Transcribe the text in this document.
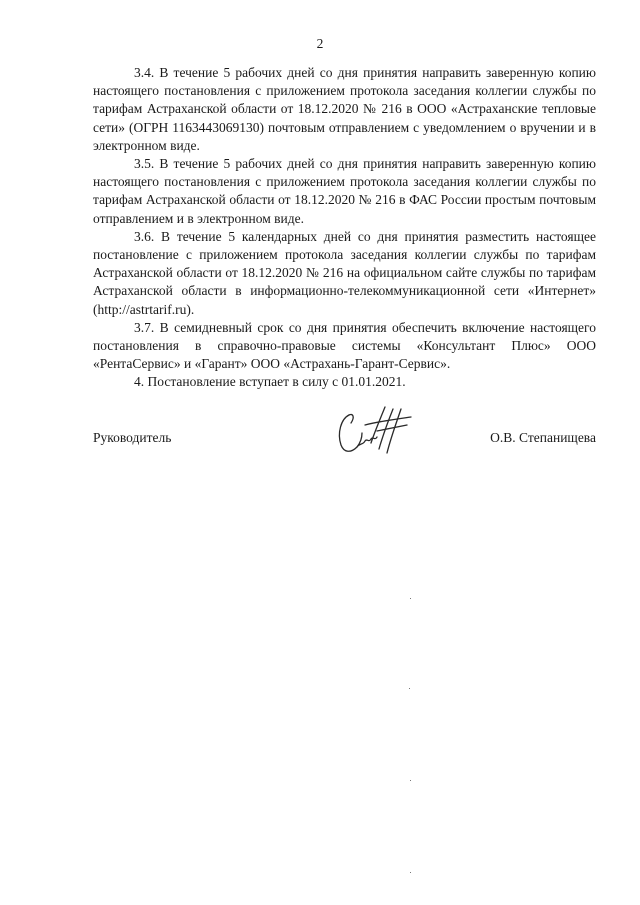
2

3.4. В течение 5 рабочих дней со дня принятия направить заверенную копию настоящего постановления с приложением протокола заседания коллегии службы по тарифам Астраханской области от 18.12.2020 № 216 в ООО «Астраханские тепловые сети» (ОГРН 1163443069130) почтовым отправлением с уведомлением о вручении и в электронном виде.

3.5. В течение 5 рабочих дней со дня принятия направить заверенную копию настоящего постановления с приложением протокола заседания коллегии службы по тарифам Астраханской области от 18.12.2020 № 216 в ФАС России простым почтовым отправлением и в электронном виде.

3.6. В течение 5 календарных дней со дня принятия разместить настоящее постановление с приложением протокола заседания коллегии службы по тарифам Астраханской области от 18.12.2020 № 216 на официальном сайте службы по тарифам Астраханской области в информационно-телекоммуникационной сети «Интернет» (http://astrtarif.ru).

3.7. В семидневный срок со дня принятия обеспечить включение настоящего постановления в справочно-правовые системы «Консультант Плюс» ООО «РентаСервис» и «Гарант» ООО «Астрахань-Гарант-Сервис».

4. Постановление вступает в силу с 01.01.2021.

Руководитель	О.В. Степанищева
